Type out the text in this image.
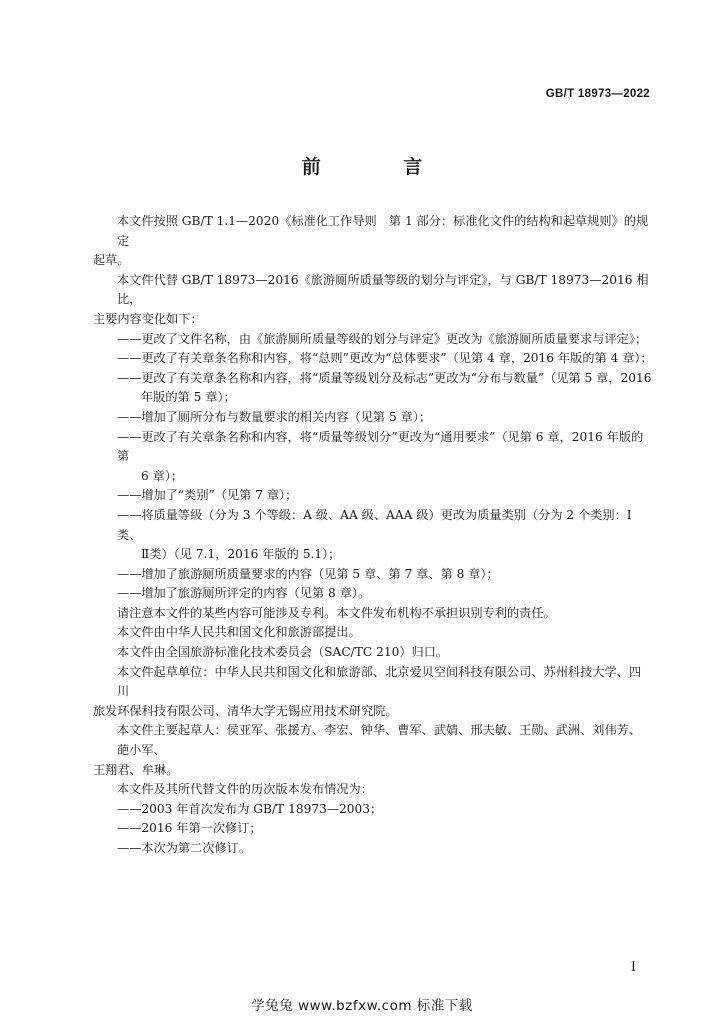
GB/T 18973—2022
前 言
本文件按照 GB/T 1.1—2020《标准化工作导则　第 1 部分：标准化文件的结构和起草规则》的规定
起草。
本文件代替 GB/T 18973—2016《旅游厕所质量等级的划分与评定》，与 GB/T 18973—2016 相比，
主要内容变化如下：
——更改了文件名称，由《旅游厕所质量等级的划分与评定》更改为《旅游厕所质量要求与评定》；
——更改了有关章条名称和内容，将“总则”更改为“总体要求”（见第 4 章，2016 年版的第 4 章）；
——更改了有关章条名称和内容，将“质量等级划分及标志”更改为“分布与数量”（见第 5 章，2016
年版的第 5 章）；
——增加了厕所分布与数量要求的相关内容（见第 5 章）；
——更改了有关章条名称和内容，将“质量等级划分”更改为“通用要求”（见第 6 章，2016 年版的第
6 章）；
——增加了“类别”（见第 7 章）；
——将质量等级（分为 3 个等级：A 级、AA 级、AAA 级）更改为质量类别（分为 2 个类别：Ⅰ类、
Ⅱ类）（见 7.1，2016 年版的 5.1）；
——增加了旅游厕所质量要求的内容（见第 5 章、第 7 章、第 8 章）；
——增加了旅游厕所评定的内容（见第 8 章）。
请注意本文件的某些内容可能涉及专利。本文件发布机构不承担识别专利的责任。
本文件由中华人民共和国文化和旅游部提出。
本文件由全国旅游标准化技术委员会（SAC/TC 210）归口。
本文件起草单位：中华人民共和国文化和旅游部、北京爱贝空间科技有限公司、苏州科技大学、四川
旅发环保科技有限公司、清华大学无锡应用技术研究院。
本文件主要起草人：侯亚军、张援方、李宏、钟华、曹军、武婧、邢夫敏、王勋、武洲、刘伟芳、葩小军、
王翔君、牟琳。
本文件及其所代替文件的历次版本发布情况为：
——2003 年首次发布为 GB/T 18973—2003；
——2016 年第一次修订；
——本次为第二次修订。
I
学兔兔 www.bzfxw.com 标准下载
